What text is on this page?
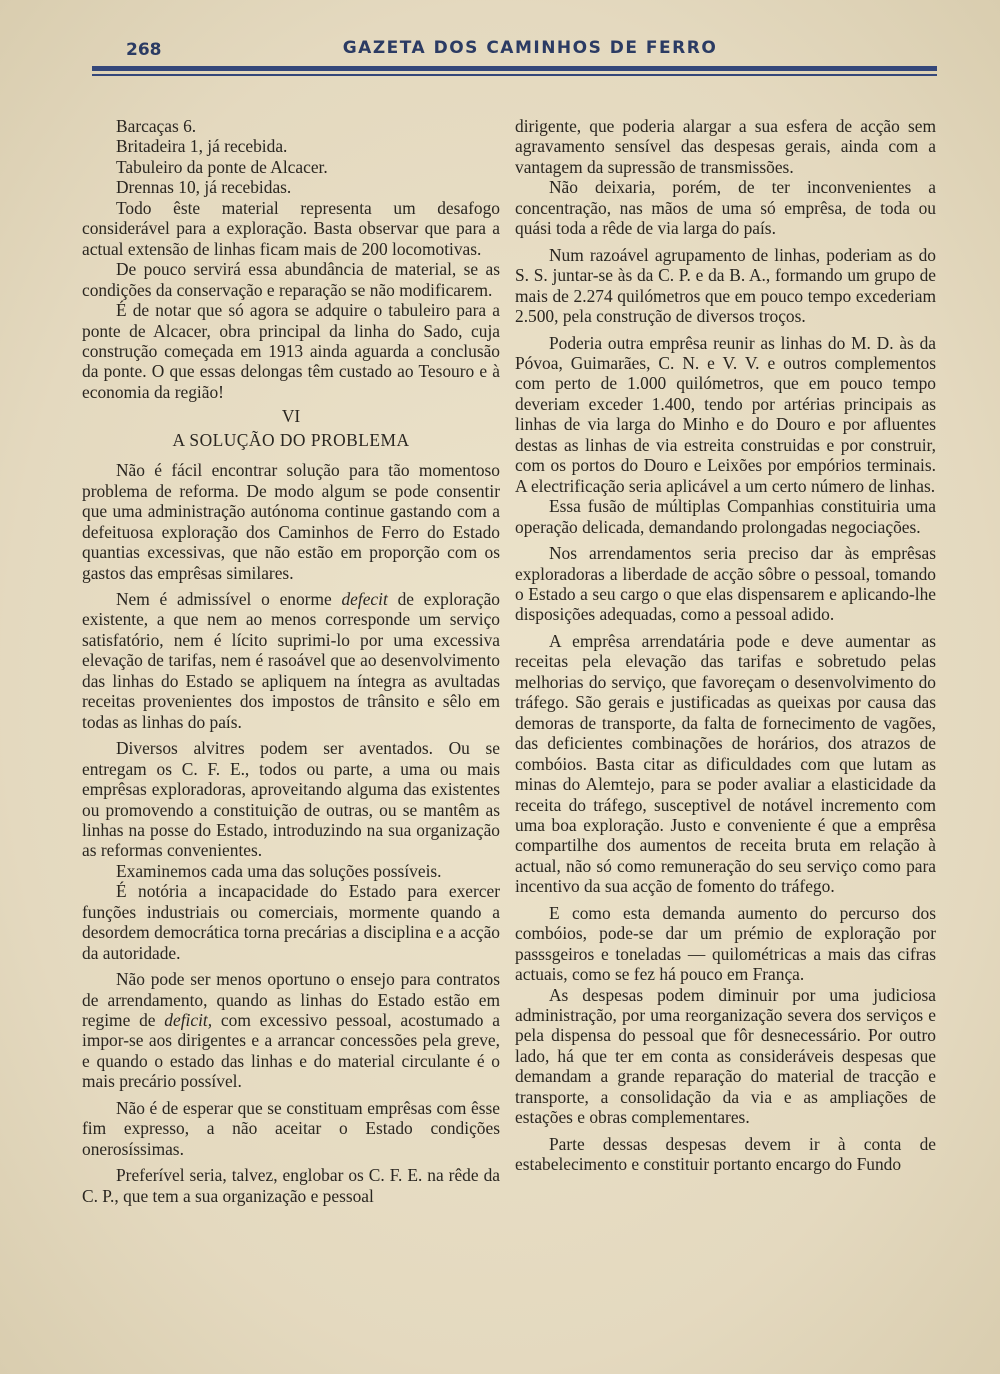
268	GAZETA DOS CAMINHOS DE FERRO

Barcaças 6.

Britadeira 1, já recebida.

Tabuleiro da ponte de Alcacer.

Drennas 10, já recebidas.

Todo êste material representa um desafogo considerável para a exploração. Basta observar que para a actual extensão de linhas ficam mais de 200 locomotivas.

De pouco servirá essa abundância de material, se as condições da conservação e reparação se não modificarem.

É de notar que só agora se adquire o tabuleiro para a ponte de Alcacer, obra principal da linha do Sado, cuja construção começada em 1913 ainda aguarda a conclusão da ponte. O que essas delongas têm custado ao Tesouro e à economia da região!

VI
A SOLUÇÃO DO PROBLEMA

Não é fácil encontrar solução para tão momentoso problema de reforma. De modo algum se pode consentir que uma administração autónoma continue gastando com a defeituosa exploração dos Caminhos de Ferro do Estado quantias excessivas, que não estão em proporção com os gastos das emprêsas similares.

Nem é admissível o enorme defecit de exploração existente, a que nem ao menos corresponde um serviço satisfatório, nem é lícito suprimi-lo por uma excessiva elevação de tarifas, nem é rasoável que ao desenvolvimento das linhas do Estado se apliquem na íntegra as avultadas receitas provenientes dos impostos de trânsito e sêlo em todas as linhas do país.

Diversos alvitres podem ser aventados. Ou se entregam os C. F. E., todos ou parte, a uma ou mais emprêsas exploradoras, aproveitando alguma das existentes ou promovendo a constituição de outras, ou se mantêm as linhas na posse do Estado, introduzindo na sua organização as reformas convenientes.

Examinemos cada uma das soluções possíveis.

É notória a incapacidade do Estado para exercer funções industriais ou comerciais, mormente quando a desordem democrática torna precárias a disciplina e a acção da autoridade.

Não pode ser menos oportuno o ensejo para contratos de arrendamento, quando as linhas do Estado estão em regime de deficit, com excessivo pessoal, acostumado a impor-se aos dirigentes e a arrancar concessões pela greve, e quando o estado das linhas e do material circulante é o mais precário possível.

Não é de esperar que se constituam emprêsas com êsse fim expresso, a não aceitar o Estado condições onerosíssimas.

Preferível seria, talvez, englobar os C. F. E. na rêde da C. P., que tem a sua organização e pessoal

dirigente, que poderia alargar a sua esfera de acção sem agravamento sensível das despesas gerais, ainda com a vantagem da supressão de transmissões.

Não deixaria, porém, de ter inconvenientes a concentração, nas mãos de uma só emprêsa, de toda ou quási toda a rêde de via larga do país.

Num razoável agrupamento de linhas, poderiam as do S. S. juntar-se às da C. P. e da B. A., formando um grupo de mais de 2.274 quilómetros que em pouco tempo excederiam 2.500, pela construção de diversos troços.

Poderia outra emprêsa reunir as linhas do M. D. às da Póvoa, Guimarães, C. N. e V. V. e outros complementos com perto de 1.000 quilómetros, que em pouco tempo deveriam exceder 1.400, tendo por artérias principais as linhas de via larga do Minho e do Douro e por afluentes destas as linhas de via estreita construidas e por construir, com os portos do Douro e Leixões por empórios terminais. A electrificação seria aplicável a um certo número de linhas.

Essa fusão de múltiplas Companhias constituiria uma operação delicada, demandando prolongadas negociações.

Nos arrendamentos seria preciso dar às emprêsas exploradoras a liberdade de acção sôbre o pessoal, tomando o Estado a seu cargo o que elas dispensarem e aplicando-lhe disposições adequadas, como a pessoal adido.

A emprêsa arrendatária pode e deve aumentar as receitas pela elevação das tarifas e sobretudo pelas melhorias do serviço, que favoreçam o desenvolvimento do tráfego. São gerais e justificadas as queixas por causa das demoras de transporte, da falta de fornecimento de vagões, das deficientes combinações de horários, dos atrazos de combóios. Basta citar as dificuldades com que lutam as minas do Alemtejo, para se poder avaliar a elasticidade da receita do tráfego, susceptivel de notável incremento com uma boa exploração. Justo e conveniente é que a emprêsa compartilhe dos aumentos de receita bruta em relação à actual, não só como remuneração do seu serviço como para incentivo da sua acção de fomento do tráfego.

E como esta demanda aumento do percurso dos combóios, pode-se dar um prémio de exploração por passsgeiros e toneladas — quilométricas a mais das cifras actuais, como se fez há pouco em França.

As despesas podem diminuir por uma judiciosa administração, por uma reorganização severa dos serviços e pela dispensa do pessoal que fôr desnecessário. Por outro lado, há que ter em conta as consideráveis despesas que demandam a grande reparação do material de tracção e transporte, a consolidação da via e as ampliações de estações e obras complementares.

Parte dessas despesas devem ir à conta de estabelecimento e constituir portanto encargo do Fundo
